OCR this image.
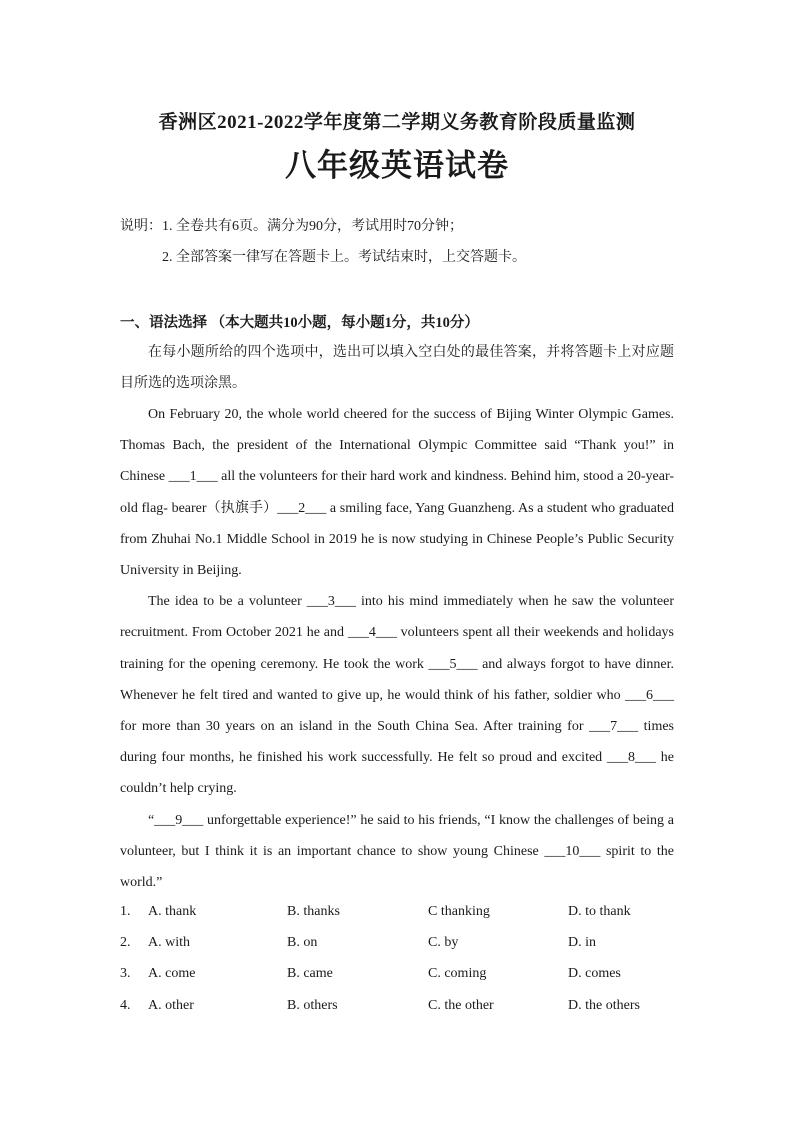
香洲区2021-2022学年度第二学期义务教育阶段质量监测
八年级英语试卷
说明：1. 全卷共有6页。满分为90分，考试用时70分钟；
2. 全部答案一律写在答题卡上。考试结束时，上交答题卡。
一、语法选择 （本大题共10小题，每小题1分，共10分）

在每小题所给的四个选项中，选出可以填入空白处的最佳答案，并将答题卡上对应题目所选的选项涂黑。

On February 20, the whole world cheered for the success of Bijing Winter Olympic Games. Thomas Bach, the president of the International Olympic Committee said “Thank you!” in Chinese ___1___ all the volunteers for their hard work and kindness. Behind him, stood a 20-year-old flag- bearer（执旗手）___2___ a smiling face, Yang Guanzheng. As a student who graduated from Zhuhai No.1 Middle School in 2019 he is now studying in Chinese People’s Public Security University in Beijing.

The idea to be a volunteer ___3___ into his mind immediately when he saw the volunteer recruitment. From October 2021 he and ___4___ volunteers spent all their weekends and holidays training for the opening ceremony. He took the work ___5___ and always forgot to have dinner. Whenever he felt tired and wanted to give up, he would think of his father, soldier who ___6___ for more than 30 years on an island in the South China Sea. After training for ___7___ times during four months, he finished his work successfully. He felt so proud and excited ___8___ he couldn’t help crying.

“___9___ unforgettable experience!” he said to his friends, “I know the challenges of being a volunteer, but I think it is an important chance to show young Chinese ___10___ spirit to the world.”

1. A. thank	B. thanks	C thanking	D. to thank
2. A. with	B. on	C. by	D. in
3. A. come	B. came	C. coming	D. comes
4. A. other	B. others	C. the other	D. the others
